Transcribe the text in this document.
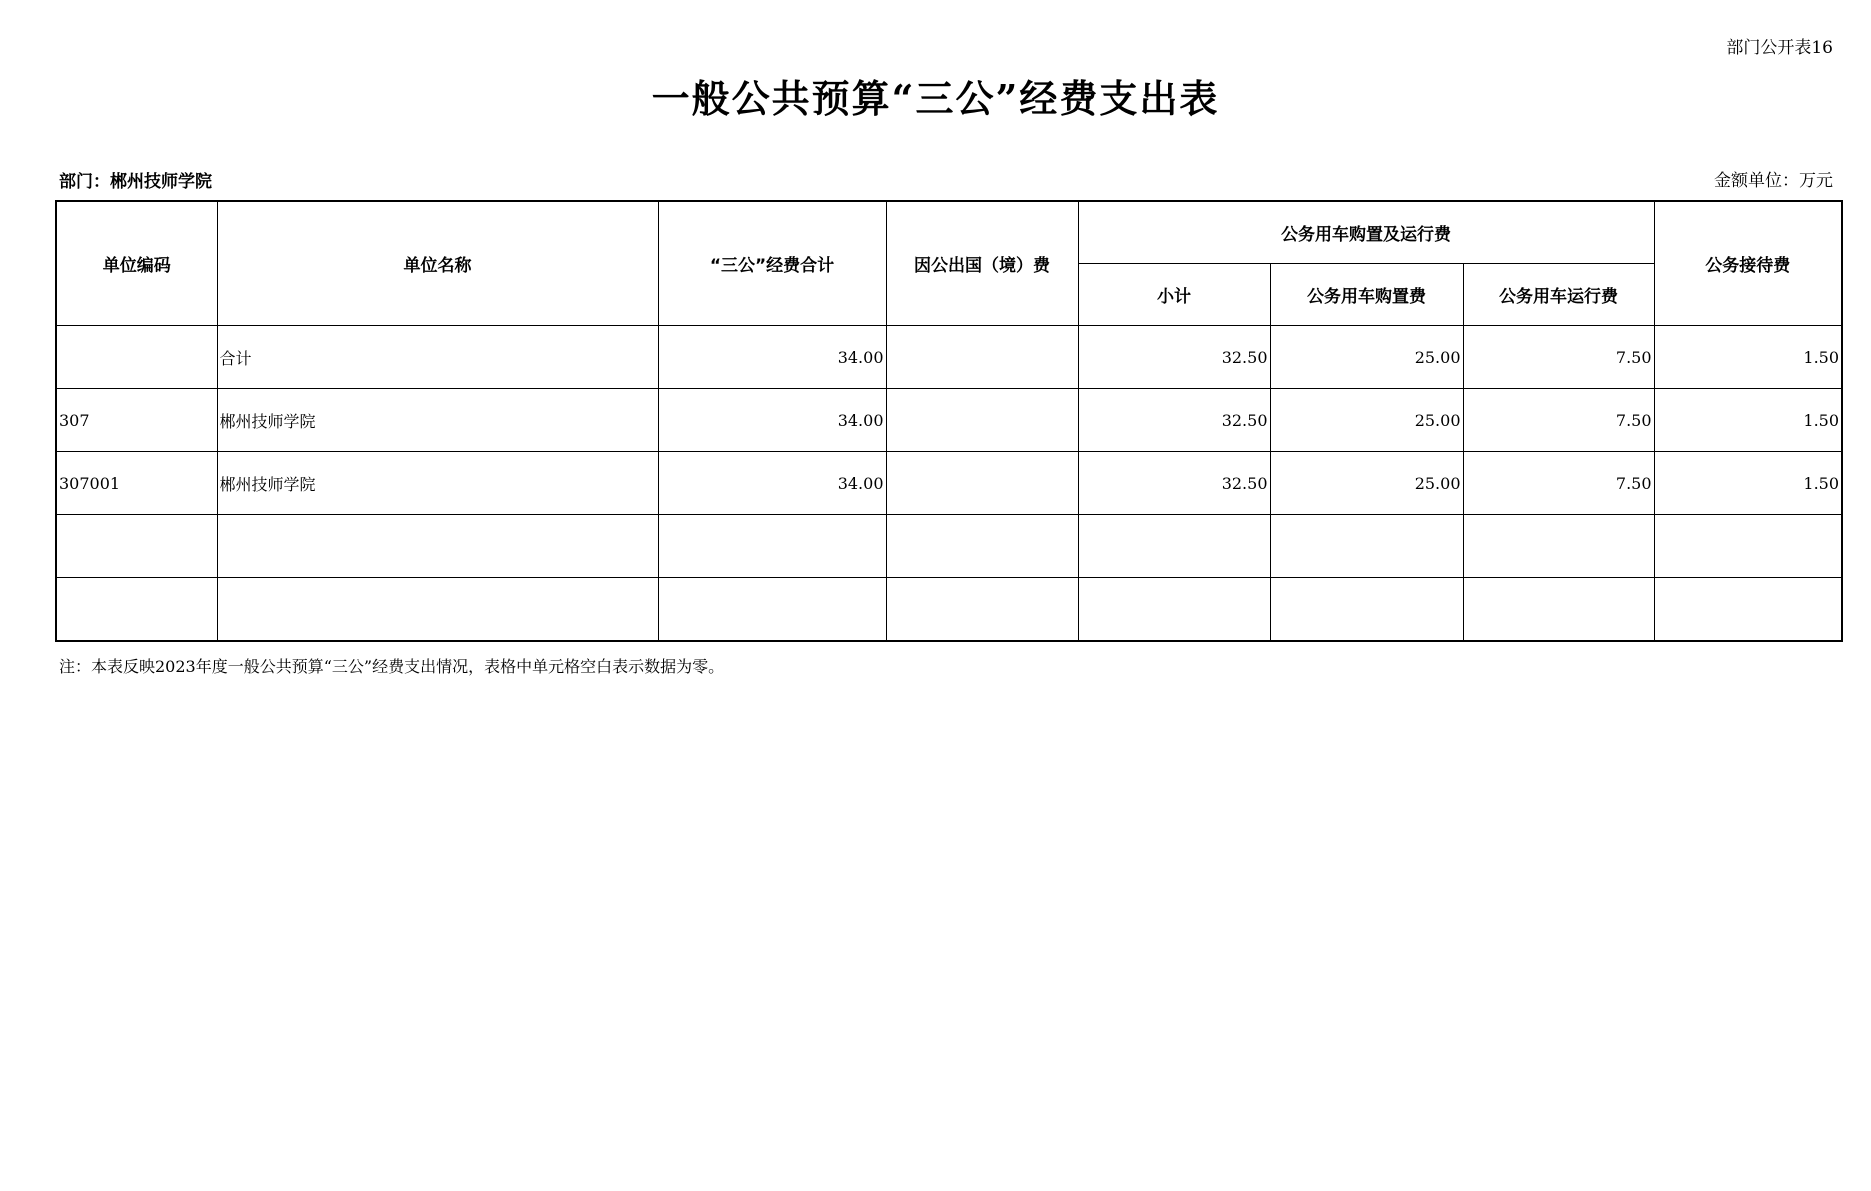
部门公开表16
一般公共预算“三公”经费支出表
部门：郴州技师学院	金额单位：万元
单位编码	单位名称	“三公”经费合计	因公出国（境）费	公务用车购置及运行费			公务接待费
				小计	公务用车购置费	公务用车运行费	
	合计	34.00		32.50	25.00	7.50	1.50
307	郴州技师学院	34.00		32.50	25.00	7.50	1.50
307001	郴州技师学院	34.00		32.50	25.00	7.50	1.50

注：本表反映2023年度一般公共预算“三公”经费支出情况，表格中单元格空白表示数据为零。
